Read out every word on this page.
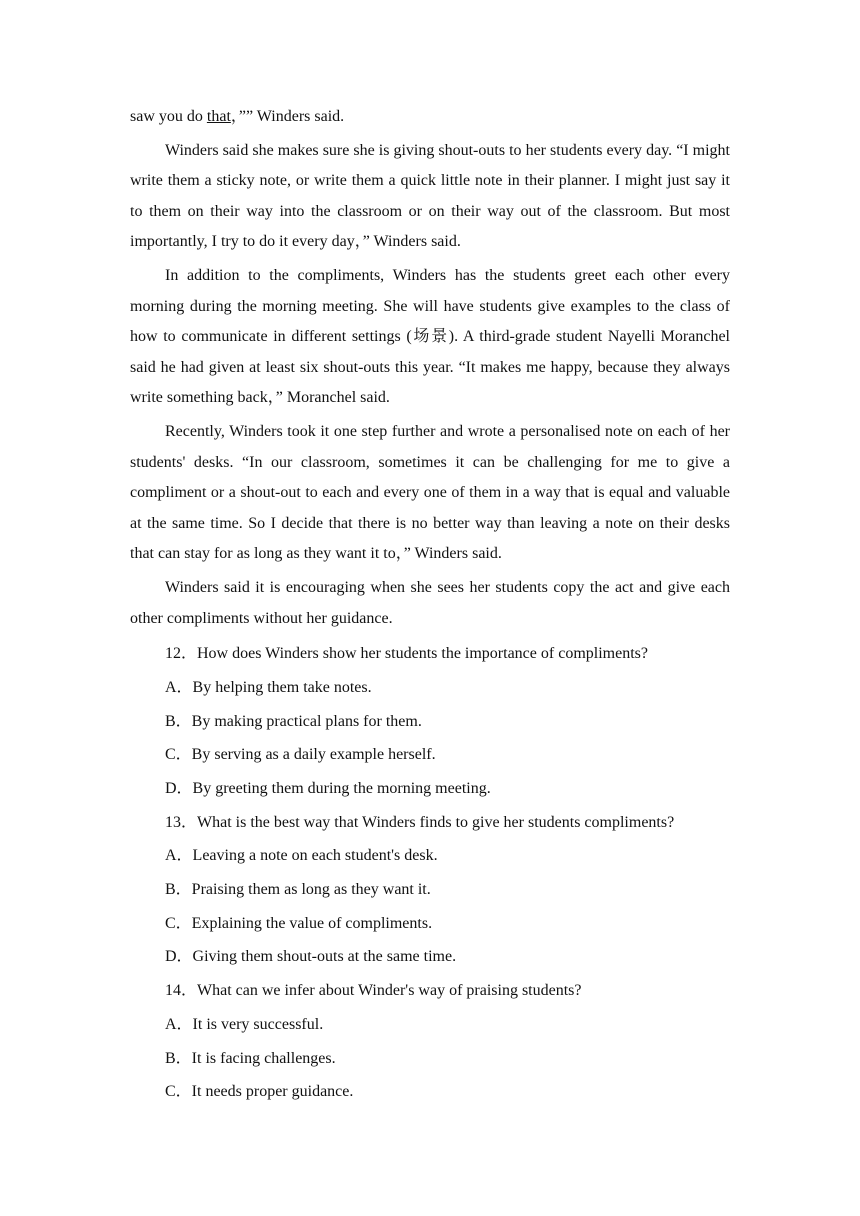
saw you do that，”” Winders said.

Winders said she makes sure she is giving shout-outs to her students every day. “I might write them a sticky note, or write them a quick little note in their planner. I might just say it to them on their way into the classroom or on their way out of the classroom. But most importantly, I try to do it every day，” Winders said.

In addition to the compliments, Winders has the students greet each other every morning during the morning meeting. She will have students give examples to the class of how to communicate in different settings (场景). A third-grade student Nayelli Moranchel said he had given at least six shout-outs this year. “It makes me happy, because they always write something back，” Moranchel said.

Recently, Winders took it one step further and wrote a personalised note on each of her students' desks. “In our classroom, sometimes it can be challenging for me to give a compliment or a shout-out to each and every one of them in a way that is equal and valuable at the same time. So I decide that there is no better way than leaving a note on their desks that can stay for as long as they want it to，” Winders said.

Winders said it is encouraging when she sees her students copy the act and give each other compliments without her guidance.

12．How does Winders show her students the importance of compliments?

A．By helping them take notes.

B．By making practical plans for them.

C．By serving as a daily example herself.

D．By greeting them during the morning meeting.

13．What is the best way that Winders finds to give her students compliments?

A．Leaving a note on each student's desk.

B．Praising them as long as they want it.

C．Explaining the value of compliments.

D．Giving them shout-outs at the same time.

14．What can we infer about Winder's way of praising students?

A．It is very successful.

B．It is facing challenges.

C．It needs proper guidance.
